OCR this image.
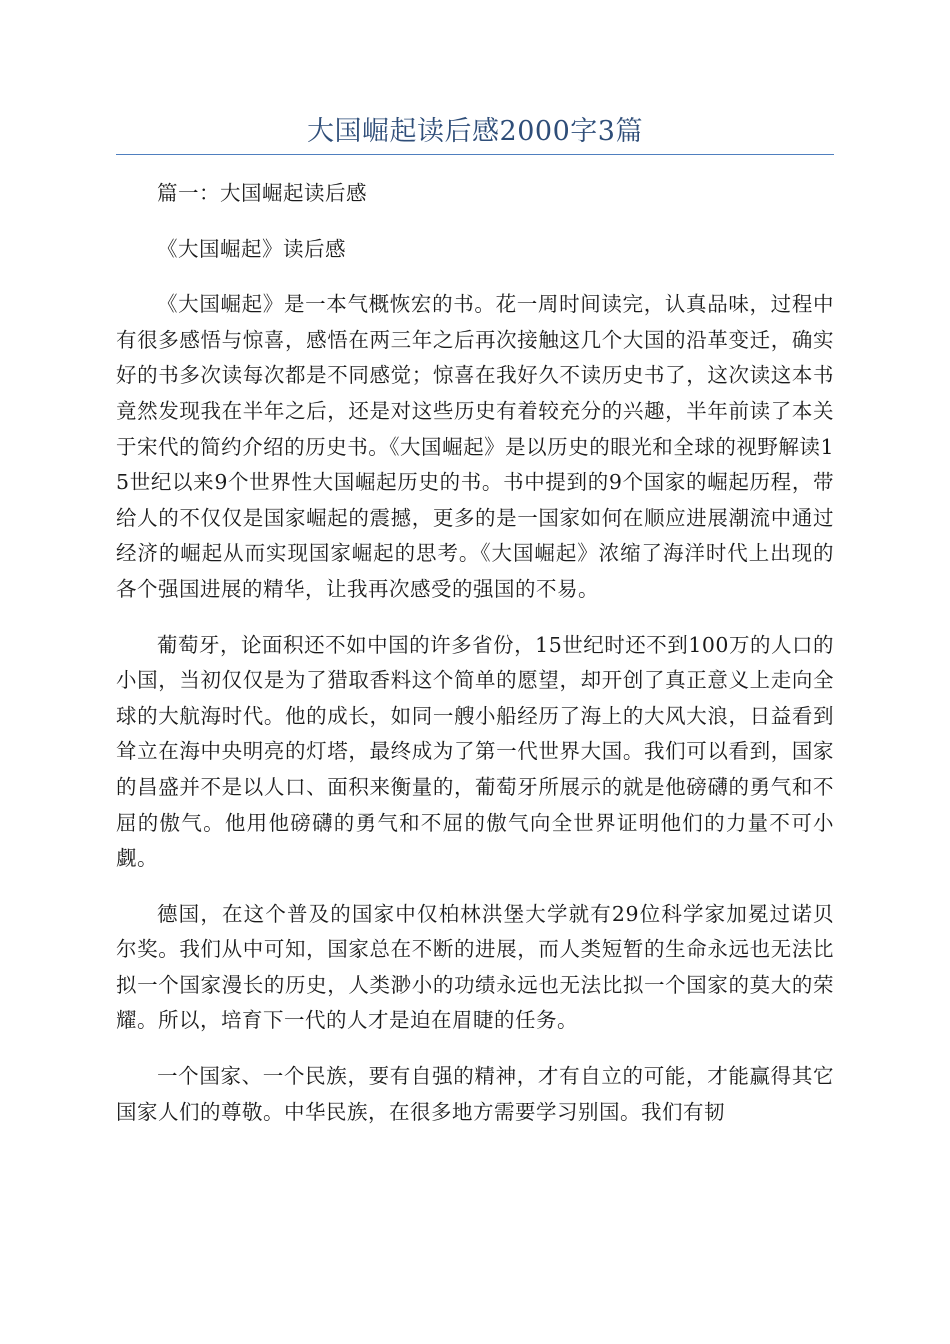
大国崛起读后感2000字3篇

篇一：大国崛起读后感

《大国崛起》读后感

《大国崛起》是一本气概恢宏的书。花一周时间读完，认真品味，过程中有很多感悟与惊喜，感悟在两三年之后再次接触这几个大国的沿革变迁，确实好的书多次读每次都是不同感觉；惊喜在我好久不读历史书了，这次读这本书竟然发现我在半年之后，还是对这些历史有着较充分的兴趣，半年前读了本关于宋代的简约介绍的历史书。《大国崛起》是以历史的眼光和全球的视野解读15世纪以来9个世界性大国崛起历史的书。书中提到的9个国家的崛起历程，带给人的不仅仅是国家崛起的震撼，更多的是一国家如何在顺应进展潮流中通过经济的崛起从而实现国家崛起的思考。《大国崛起》浓缩了海洋时代上出现的各个强国进展的精华，让我再次感受的强国的不易。

葡萄牙，论面积还不如中国的许多省份，15世纪时还不到100万的人口的小国，当初仅仅是为了猎取香料这个简单的愿望，却开创了真正意义上走向全球的大航海时代。他的成长，如同一艘小船经历了海上的大风大浪，日益看到耸立在海中央明亮的灯塔，最终成为了第一代世界大国。我们可以看到，国家的昌盛并不是以人口、面积来衡量的，葡萄牙所展示的就是他磅礴的勇气和不屈的傲气。他用他磅礴的勇气和不屈的傲气向全世界证明他们的力量不可小觑。

德国，在这个普及的国家中仅柏林洪堡大学就有29位科学家加冕过诺贝尔奖。我们从中可知，国家总在不断的进展，而人类短暂的生命永远也无法比拟一个国家漫长的历史，人类渺小的功绩永远也无法比拟一个国家的莫大的荣耀。所以，培育下一代的人才是迫在眉睫的任务。

一个国家、一个民族，要有自强的精神，才有自立的可能，才能赢得其它国家人们的尊敬。中华民族，在很多地方需要学习别国。我们有韧
